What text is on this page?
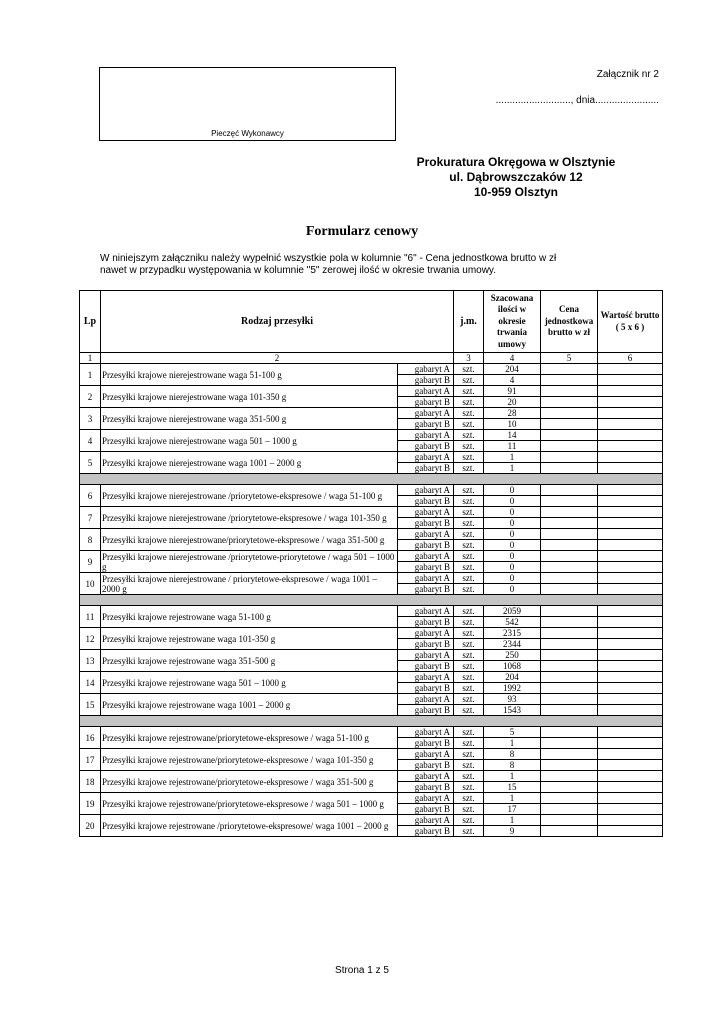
Pieczęć Wykonawcy
Załącznik nr 2
..........................., dnia.......................
Prokuratura Okręgowa w Olsztynie
ul. Dąbrowszczaków 12
10-959 Olsztyn
Formularz cenowy
W niniejszym załączniku należy wypełnić wszystkie pola w kolumnie "6" - Cena jednostkowa brutto w zł
nawet w przypadku występowania w kolumnie "5" zerowej ilość w okresie trwania umowy.
Lp	Rodzaj przesyłki		j.m.	Szacowana ilości w okresie trwania umowy	Cena jednostkowa brutto w zł	Wartość brutto ( 5 x 6 )	
1	2		3	4	5	6	
1	Przesyłki krajowe nierejestrowane waga 51-100 g	gabaryt A	szt.	204			
		gabaryt B	szt.	4			
2	Przesyłki krajowe nierejestrowane waga 101-350 g	gabaryt A	szt.	91			
		gabaryt B	szt.	20			
3	Przesyłki krajowe nierejestrowane waga 351-500 g	gabaryt A	szt.	28			
		gabaryt B	szt.	10			
4	Przesyłki krajowe nierejestrowane waga 501 – 1000 g	gabaryt A	szt.	14			
		gabaryt B	szt.	11			
5	Przesyłki krajowe nierejestrowane waga 1001 – 2000 g	gabaryt A	szt.	1			
		gabaryt B	szt.	1			

6	Przesyłki krajowe nierejestrowane /priorytetowe-ekspresowe / waga 51-100 g	gabaryt A	szt.	0			
		gabaryt B	szt.	0			
7	Przesyłki krajowe nierejestrowane /priorytetowe-ekspresowe / waga 101-350 g	gabaryt A	szt.	0			
		gabaryt B	szt.	0			
8	Przesyłki krajowe nierejestrowane/priorytetowe-ekspresowe / waga 351-500 g	gabaryt A	szt.	0			
		gabaryt B	szt.	0			
9	Przesyłki krajowe nierejestrowane /priorytetowe-priorytetowe / waga 501 – 1000 g	gabaryt A	szt.	0			
		gabaryt B	szt.	0			
10	Przesyłki krajowe nierejestrowane / priorytetowe-ekspresowe / waga 1001 – 2000 g	gabaryt A	szt.	0			
		gabaryt B	szt.	0			

11	Przesyłki krajowe rejestrowane waga 51-100 g	gabaryt A	szt.	2059			
		gabaryt B	szt.	542			
12	Przesyłki krajowe rejestrowane waga 101-350 g	gabaryt A	szt.	2315			
		gabaryt B	szt.	2344			
13	Przesyłki krajowe rejestrowane waga 351-500 g	gabaryt A	szt.	250			
		gabaryt B	szt.	1068			
14	Przesyłki krajowe rejestrowane waga 501 – 1000 g	gabaryt A	szt.	204			
		gabaryt B	szt.	1992			
15	Przesyłki krajowe rejestrowane waga 1001 – 2000 g	gabaryt A	szt.	93			
		gabaryt B	szt.	1543			

16	Przesyłki krajowe rejestrowane/priorytetowe-ekspresowe / waga 51-100 g	gabaryt A	szt.	5			
		gabaryt B	szt.	1			
17	Przesyłki krajowe rejestrowane/priorytetowe-ekspresowe / waga 101-350 g	gabaryt A	szt.	8			
		gabaryt B	szt.	8			
18	Przesyłki krajowe rejestrowane/priorytetowe-ekspresowe / waga 351-500 g	gabaryt A	szt.	1			
		gabaryt B	szt.	15			
19	Przesyłki krajowe rejestrowane/priorytetowe-ekspresowe / waga 501 – 1000 g	gabaryt A	szt.	1			
		gabaryt B	szt.	17			
20	Przesyłki krajowe rejestrowane /priorytetowe-ekspresowe/ waga 1001 – 2000 g	gabaryt A	szt.	1			
		gabaryt B	szt.	9			
Strona 1 z 5
